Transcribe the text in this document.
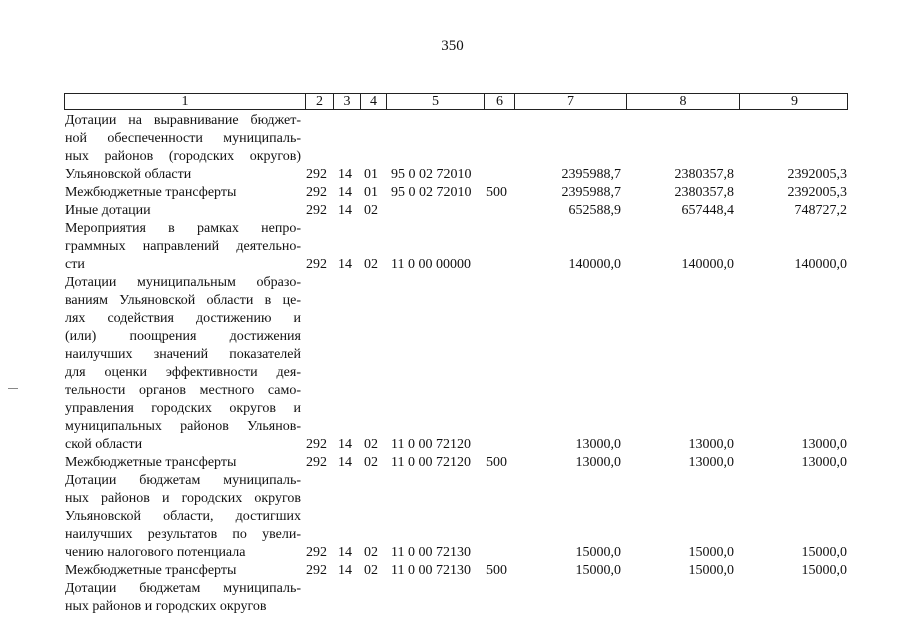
350
1	2	3	4	5	6	7	8	9
Дотации на выравнивание бюджет-
ной обеспеченности муниципаль-
ных районов (городских округов)
Ульяновской области	292 14 01 95 0 02 72010	2395988,7	2380357,8	2392005,3
Межбюджетные трансферты	292 14 01 95 0 02 72010	500	2395988,7	2380357,8	2392005,3
Иные дотации	292 14 02	652588,9	657448,4	748727,2
Мероприятия в рамках непро-
граммных направлений деятельно-
сти	292 14 02 11 0 00 00000	140000,0	140000,0	140000,0
Дотации муниципальным образо-
ваниям Ульяновской области в це-
лях содействия достижению и
(или) поощрения достижения
наилучших значений показателей
для оценки эффективности дея-
тельности органов местного само-
управления городских округов и
муниципальных районов Ульянов-
ской области	292 14 02 11 0 00 72120	13000,0	13000,0	13000,0
Межбюджетные трансферты	292 14 02 11 0 00 72120	500	13000,0	13000,0	13000,0
Дотации бюджетам муниципаль-
ных районов и городских округов
Ульяновской области, достигших
наилучших результатов по увели-
чению налогового потенциала	292 14 02 11 0 00 72130	15000,0	15000,0	15000,0
Межбюджетные трансферты	292 14 02 11 0 00 72130	500	15000,0	15000,0	15000,0
Дотации бюджетам муниципаль-
ных районов и городских округов
